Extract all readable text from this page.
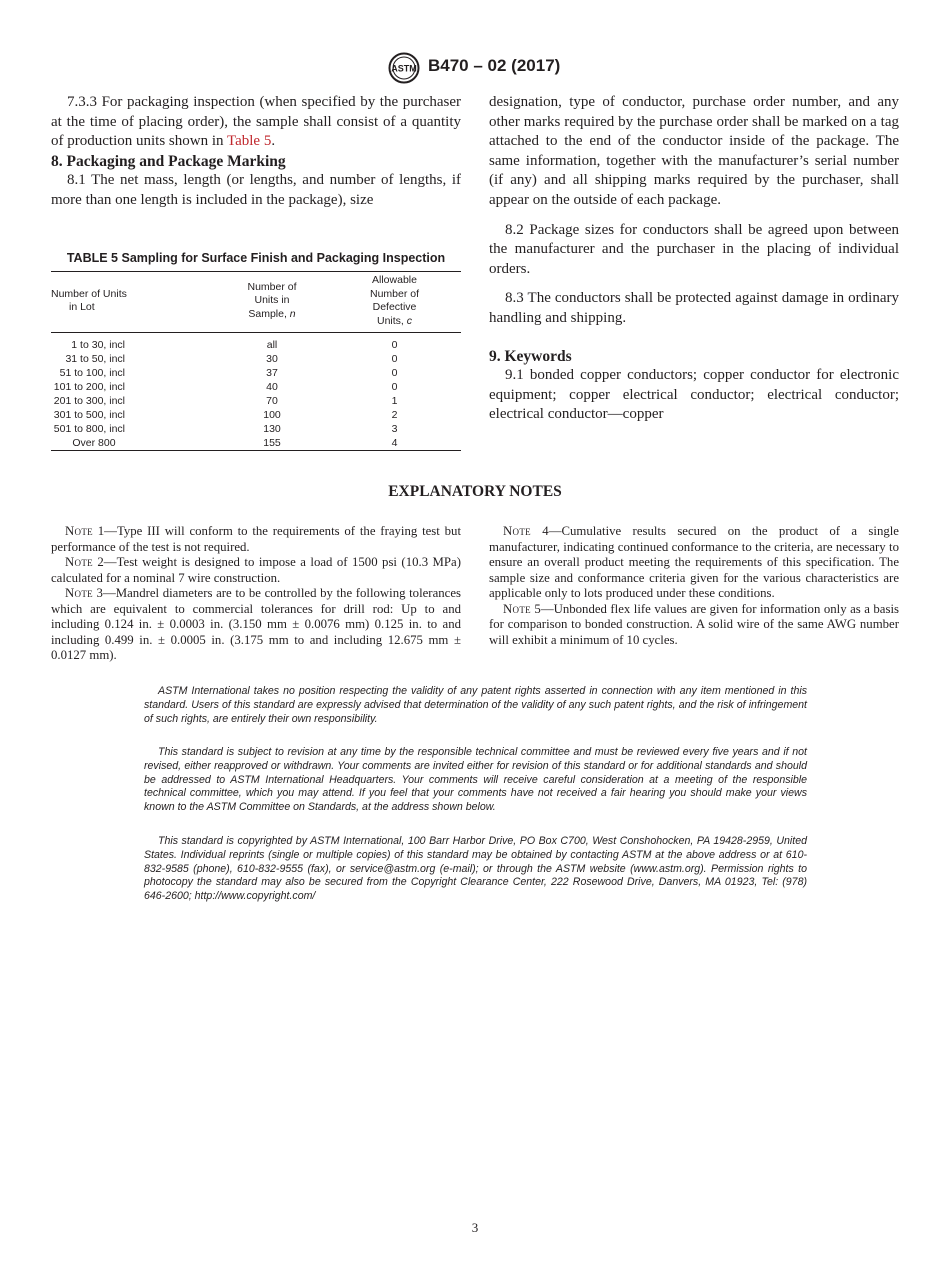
ASTM B470 – 02 (2017)

7.3.3 For packaging inspection (when specified by the purchaser at the time of placing order), the sample shall consist of a quantity of production units shown in Table 5.

8. Packaging and Package Marking

8.1 The net mass, length (or lengths, and number of lengths, if more than one length is included in the package), size

TABLE 5 Sampling for Surface Finish and Packaging Inspection
Number of Units
in Lot	Number of
Units in
Sample, n	Allowable
Number of
Defective
Units, c
1 to 30, incl	all	0
31 to 50, incl	30	0
51 to 100, incl	37	0
101 to 200, incl	40	0
201 to 300, incl	70	1
301 to 500, incl	100	2
501 to 800, incl	130	3
Over 800	155	4

designation, type of conductor, purchase order number, and any other marks required by the purchase order shall be marked on a tag attached to the end of the conductor inside of the package. The same information, together with the manufacturer’s serial number (if any) and all shipping marks required by the purchaser, shall appear on the outside of each package.

8.2 Package sizes for conductors shall be agreed upon between the manufacturer and the purchaser in the placing of individual orders.

8.3 The conductors shall be protected against damage in ordinary handling and shipping.

9. Keywords

9.1 bonded copper conductors; copper conductor for electronic equipment; copper electrical conductor; electrical conductor; electrical conductor—copper

EXPLANATORY NOTES

Note 1—Type III will conform to the requirements of the fraying test but performance of the test is not required.

Note 2—Test weight is designed to impose a load of 1500 psi (10.3 MPa) calculated for a nominal 7 wire construction.

Note 3—Mandrel diameters are to be controlled by the following tolerances which are equivalent to commercial tolerances for drill rod: Up to and including 0.124 in. ± 0.0003 in. (3.150 mm ± 0.0076 mm) 0.125 in. to and including 0.499 in. ± 0.0005 in. (3.175 mm to and including 12.675 mm ± 0.0127 mm).

Note 4—Cumulative results secured on the product of a single manufacturer, indicating continued conformance to the criteria, are necessary to ensure an overall product meeting the requirements of this specification. The sample size and conformance criteria given for the various characteristics are applicable only to lots produced under these conditions.

Note 5—Unbonded flex life values are given for information only as a basis for comparison to bonded construction. A solid wire of the same AWG number will exhibit a minimum of 10 cycles.

ASTM International takes no position respecting the validity of any patent rights asserted in connection with any item mentioned in this standard. Users of this standard are expressly advised that determination of the validity of any such patent rights, and the risk of infringement of such rights, are entirely their own responsibility.

This standard is subject to revision at any time by the responsible technical committee and must be reviewed every five years and if not revised, either reapproved or withdrawn. Your comments are invited either for revision of this standard or for additional standards and should be addressed to ASTM International Headquarters. Your comments will receive careful consideration at a meeting of the responsible technical committee, which you may attend. If you feel that your comments have not received a fair hearing you should make your views known to the ASTM Committee on Standards, at the address shown below.

This standard is copyrighted by ASTM International, 100 Barr Harbor Drive, PO Box C700, West Conshohocken, PA 19428-2959, United States. Individual reprints (single or multiple copies) of this standard may be obtained by contacting ASTM at the above address or at 610-832-9585 (phone), 610-832-9555 (fax), or service@astm.org (e-mail); or through the ASTM website (www.astm.org). Permission rights to photocopy the standard may also be secured from the Copyright Clearance Center, 222 Rosewood Drive, Danvers, MA 01923, Tel: (978) 646-2600; http://www.copyright.com/

3
